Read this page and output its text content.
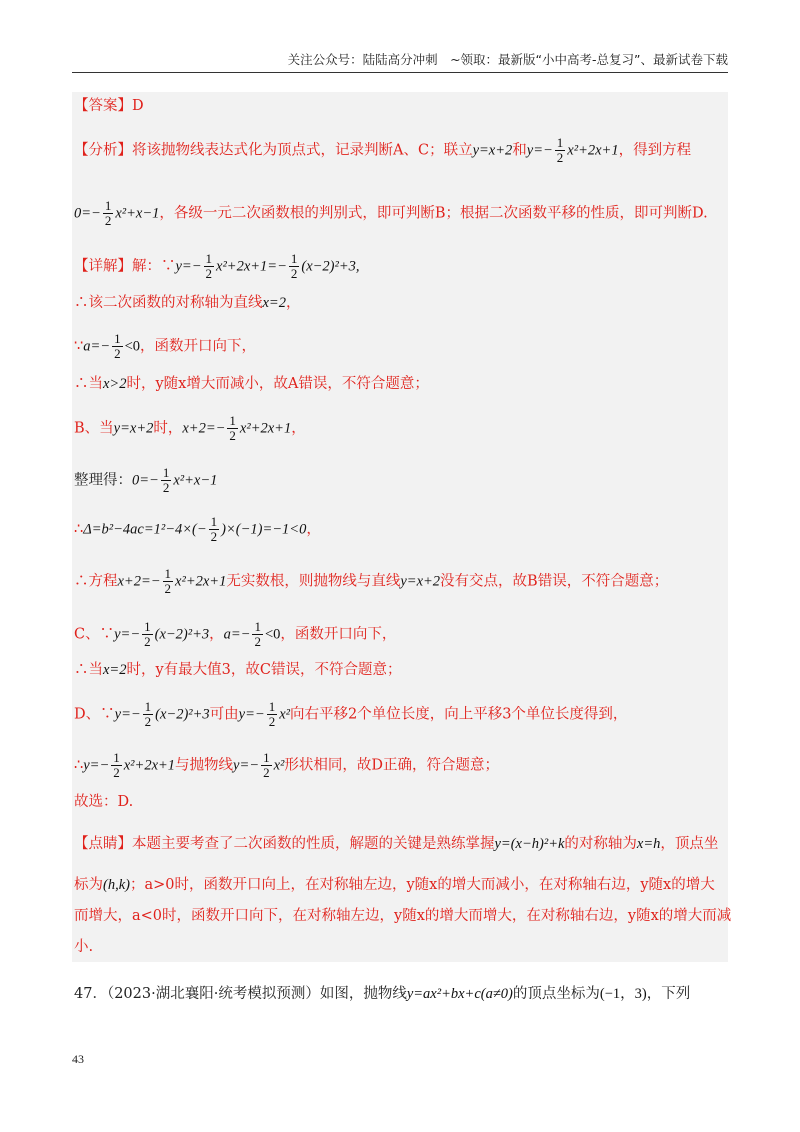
关注公众号：陆陆高分冲刺　~领取：最新版“小中高考-总复习”、最新试卷下载
【答案】D
【分析】将该抛物线表达式化为顶点式，记录判断A、C；联立y=x+2和$y=- \frac{1}{2} x^2+2x+1$，得到方程
$0=- \frac{1}{2} x^2+x-1$，各级一元二次函数根的判别式，即可判断B；根据二次函数平移的性质，即可判断D.
【详解】解：∵y=− $\frac{1}{2} x^2+2x+1=- \frac{1}{2} (x-2)^2+3$,
∴该二次函数的对称轴为直线x=2，
∵a=− $\frac{1}{2} <0$，函数开口向下，
∴当x>2时，y随x增大而减小，故A错误，不符合题意；
B、当y=x+2时，$x+2=- \frac{1}{2} x^2+2x+1$，
整理得：$0=- \frac{1}{2} x^2+x-1$
∴Δ=b²−4ac=1²−4×(− $\frac{1}{2} )\times(-1)=-1<0$，
∴方程$x+2=- \frac{1}{2} x^2+2x+1$无实数根，则抛物线与直线y=x+2没有交点，故B错误，不符合题意；
C、∵y=− $\frac{1}{2} (x-2)^2+3$，$a=- \frac{1}{2} <0$，函数开口向下，
∴当x=2时，y有最大值3，故C错误，不符合题意；
D、∵y=− $\frac{1}{2} (x-2)^2+3$可由$y=- \frac{1}{2} x^2$向右平移2个单位长度，向上平移3个单位长度得到，
∴y=− $\frac{1}{2} x^2+2x+1$与抛物线$y=- \frac{1}{2} x^2$形状相同，故D正确，符合题意；
故选：D.
【点睛】本题主要考查了二次函数的性质，解题的关键是熟练掌握y=(x−h)²+k的对称轴为x=h，顶点坐
标为(h,k)；a>0时，函数开口向上，在对称轴左边，y随x的增大而减小，在对称轴右边，y随x的增大
而增大，a<0时，函数开口向下，在对称轴左边，y随x的增大而增大，在对称轴右边，y随x的增大而减
小.
47．（2023·湖北襄阳·统考模拟预测）如图，抛物线y=ax²+bx+c(a≠0)的顶点坐标为(−1，3)，下列
43
